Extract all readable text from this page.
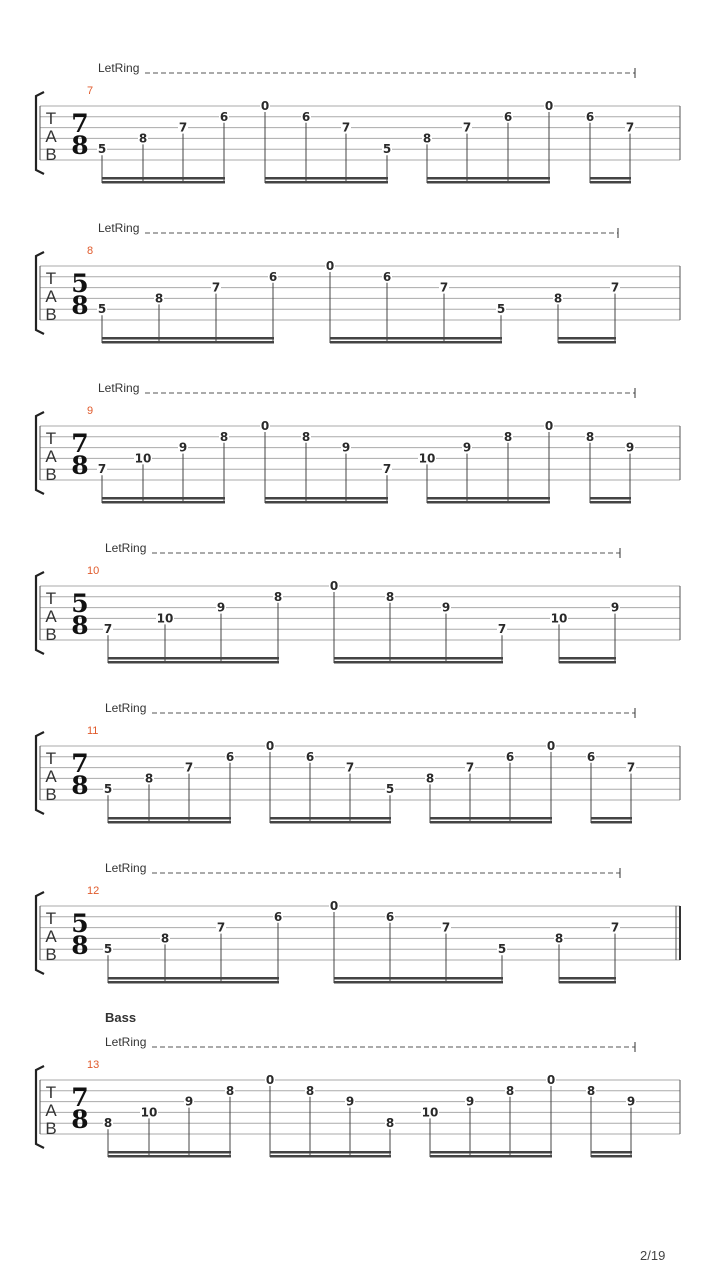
LetRing
7
T
A
B
7
8 5
8
7
6
0
6
7
5
8
7
6
0
6
7
LetRing
8
T
A
B
5
8 5
8
7
6
0
6
7
5
8
7
LetRing
9
T
A
B
7
8 7
10
9
8
0
8
9
7
10
9
8
0
8
9
LetRing
10
T
A
B
5
8 7
10
9
8
0
8
9
7
10
9
LetRing
11
T
A
B
7
8 5
8
7
6
0
6
7
5
8
7
6
0
6
7
LetRing
12
T
A
B
5
8 5
8
7
6
0
6
7
5
8
7
Bass
LetRing
13
T
A
B
7
8 8
10
9
8
0
8
9
8
10
9
8
0
8
9
2/19
